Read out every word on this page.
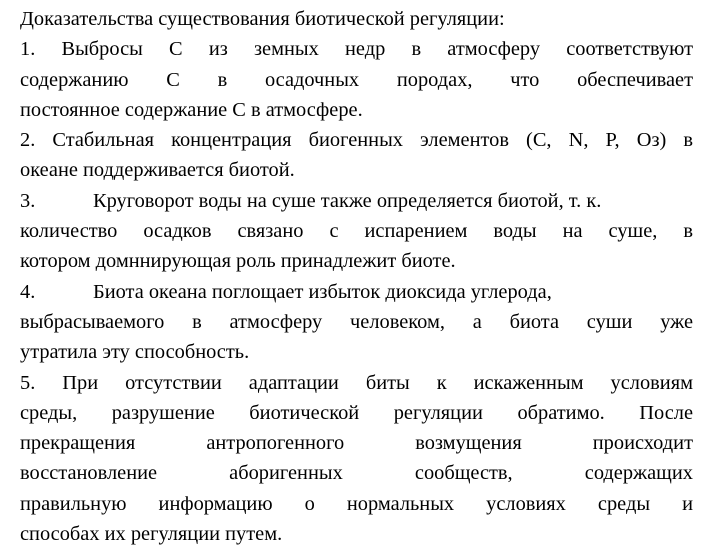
Доказательства существования биотической регуляции:
1. Выбросы С из земных недр в атмосферу соответствуют
содержанию С в осадочных породах, что обеспечивает
постоянное содержание С в атмосфере.
2. Стабильная концентрация биогенных элементов (C, N, P, Oз) в
океане поддерживается биотой.
3.	Круговорот воды на суше также определяется биотой, т. к.
количество осадков связано с испарением воды на суше, в
котором домннирующая роль принадлежит биоте.
4.	Биота океана поглощает избыток диоксида углерода,
выбрасываемого в атмосферу человеком, а биота суши уже
утратила эту способность.
5. При отсутствии адаптации биты к искаженным условиям
среды, разрушение биотической регуляции обратимо. После
прекращения антропогенного возмущения происходит
восстановление аборигенных сообществ, содержащих
правильную информацию о нормальных условиях среды и
способах их регуляции путем.
